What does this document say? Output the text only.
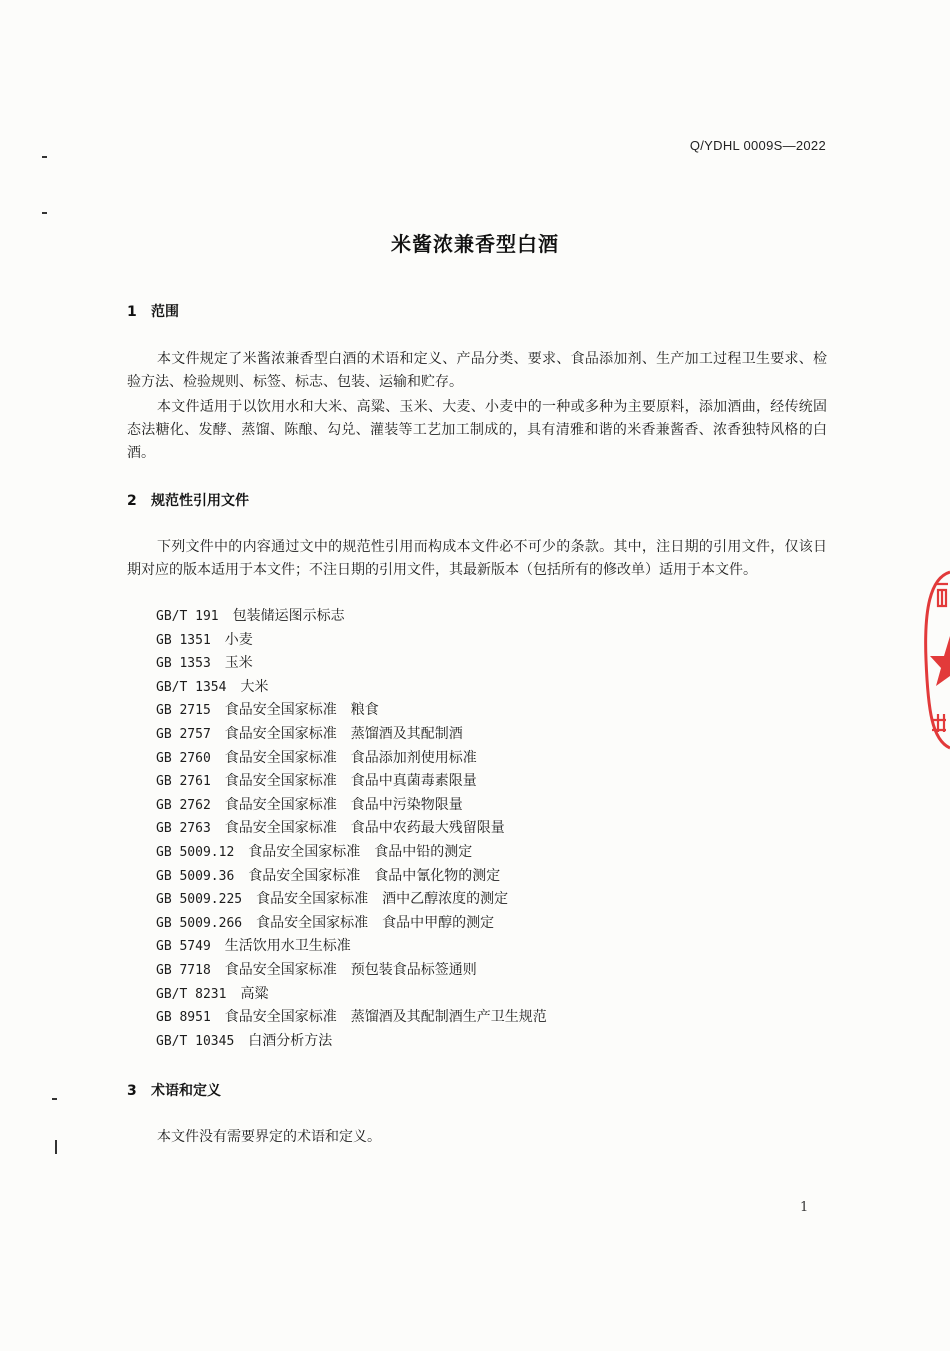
Q/YDHL 0009S—2022
米酱浓兼香型白酒
1 范围

本文件规定了米酱浓兼香型白酒的术语和定义、产品分类、要求、食品添加剂、生产加工过程卫生要求、检验方法、检验规则、标签、标志、包装、运输和贮存。

本文件适用于以饮用水和大米、高粱、玉米、大麦、小麦中的一种或多种为主要原料，添加酒曲，经传统固态法糖化、发酵、蒸馏、陈酿、勾兑、灌装等工艺加工制成的，具有清雅和谐的米香兼酱香、浓香独特风格的白酒。

2 规范性引用文件

下列文件中的内容通过文中的规范性引用而构成本文件必不可少的条款。其中，注日期的引用文件，仅该日期对应的版本适用于本文件；不注日期的引用文件，其最新版本（包括所有的修改单）适用于本文件。

GB/T 191　 包装储运图示标志
GB 1351　 小麦
GB 1353　 玉米
GB/T 1354　 大米
GB 2715　 食品安全国家标准　粮食
GB 2757　 食品安全国家标准　蒸馏酒及其配制酒
GB 2760　 食品安全国家标准　食品添加剂使用标准
GB 2761　 食品安全国家标准　食品中真菌毒素限量
GB 2762　 食品安全国家标准　食品中污染物限量
GB 2763　 食品安全国家标准　食品中农药最大残留限量
GB 5009.12　 食品安全国家标准　食品中铅的测定
GB 5009.36　 食品安全国家标准　食品中氰化物的测定
GB 5009.225　 食品安全国家标准　酒中乙醇浓度的测定
GB 5009.266　 食品安全国家标准　食品中甲醇的测定
GB 5749　 生活饮用水卫生标准
GB 7718　 食品安全国家标准　预包装食品标签通则
GB/T 8231　 高粱
GB 8951　 食品安全国家标准　蒸馏酒及其配制酒生产卫生规范
GB/T 10345　 白酒分析方法
3 术语和定义

本文件没有需要界定的术语和定义。

1
